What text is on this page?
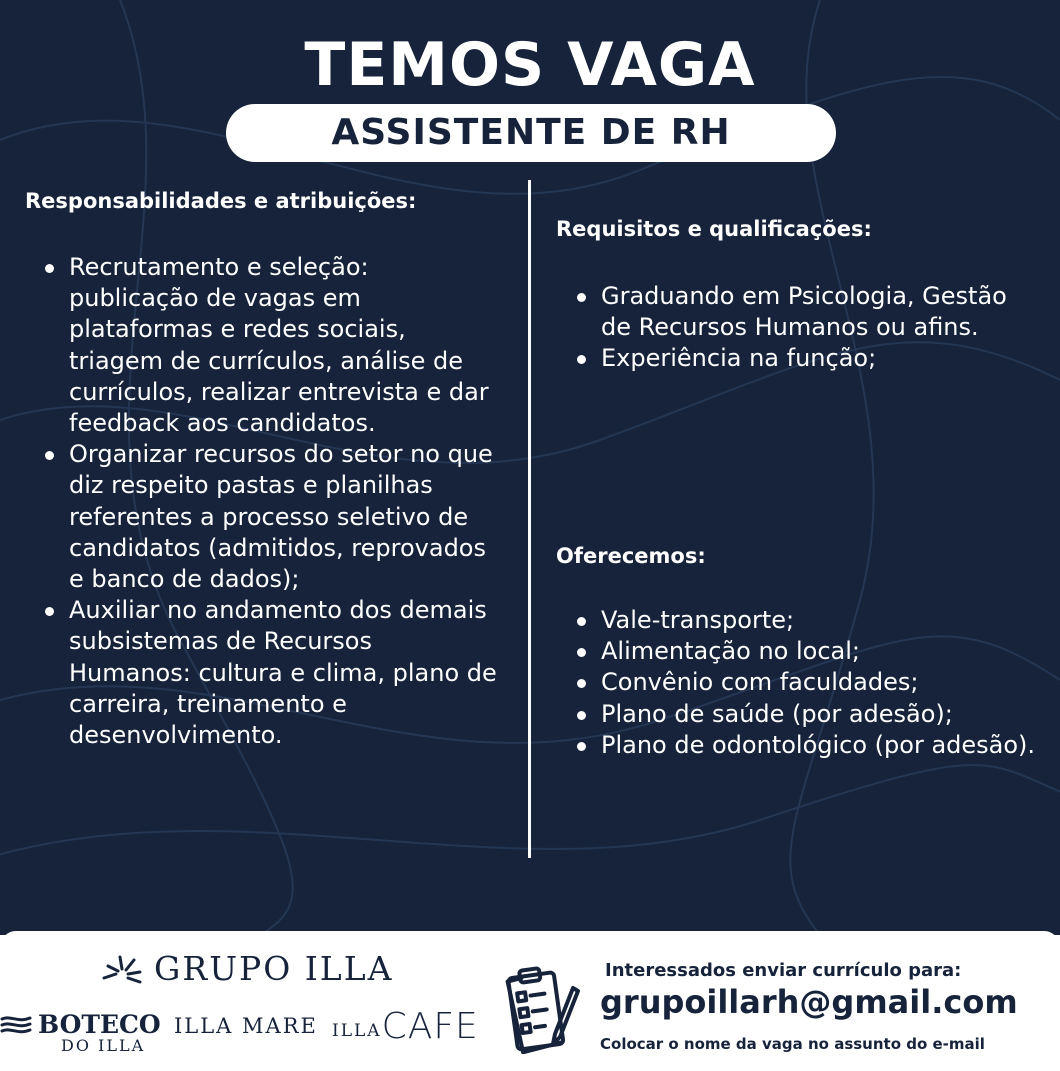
TEMOS VAGA
ASSISTENTE DE RH
Responsabilidades e atribuições:
Recrutamento e seleção: publicação de vagas em plataformas e redes sociais, triagem de currículos, análise de currículos, realizar entrevista e dar feedback aos candidatos.
Organizar recursos do setor no que diz respeito pastas e planilhas referentes a processo seletivo de candidatos (admitidos, reprovados e banco de dados);
Auxiliar no andamento dos demais subsistemas de Recursos Humanos: cultura e clima, plano de carreira, treinamento e desenvolvimento.
Requisitos e qualificações:
Graduando em Psicologia, Gestão de Recursos Humanos ou afins.
Experiência na função;
Oferecemos:
Vale-transporte;
Alimentação no local;
Convênio com faculdades;
Plano de saúde (por adesão);
Plano de odontológico (por adesão).
GRUPO ILLA
BOTECO
DO ILLA
ILLA MARE ILLA CAFE
Interessados enviar currículo para:
grupoillarh@gmail.com
Colocar o nome da vaga no assunto do e-mail
